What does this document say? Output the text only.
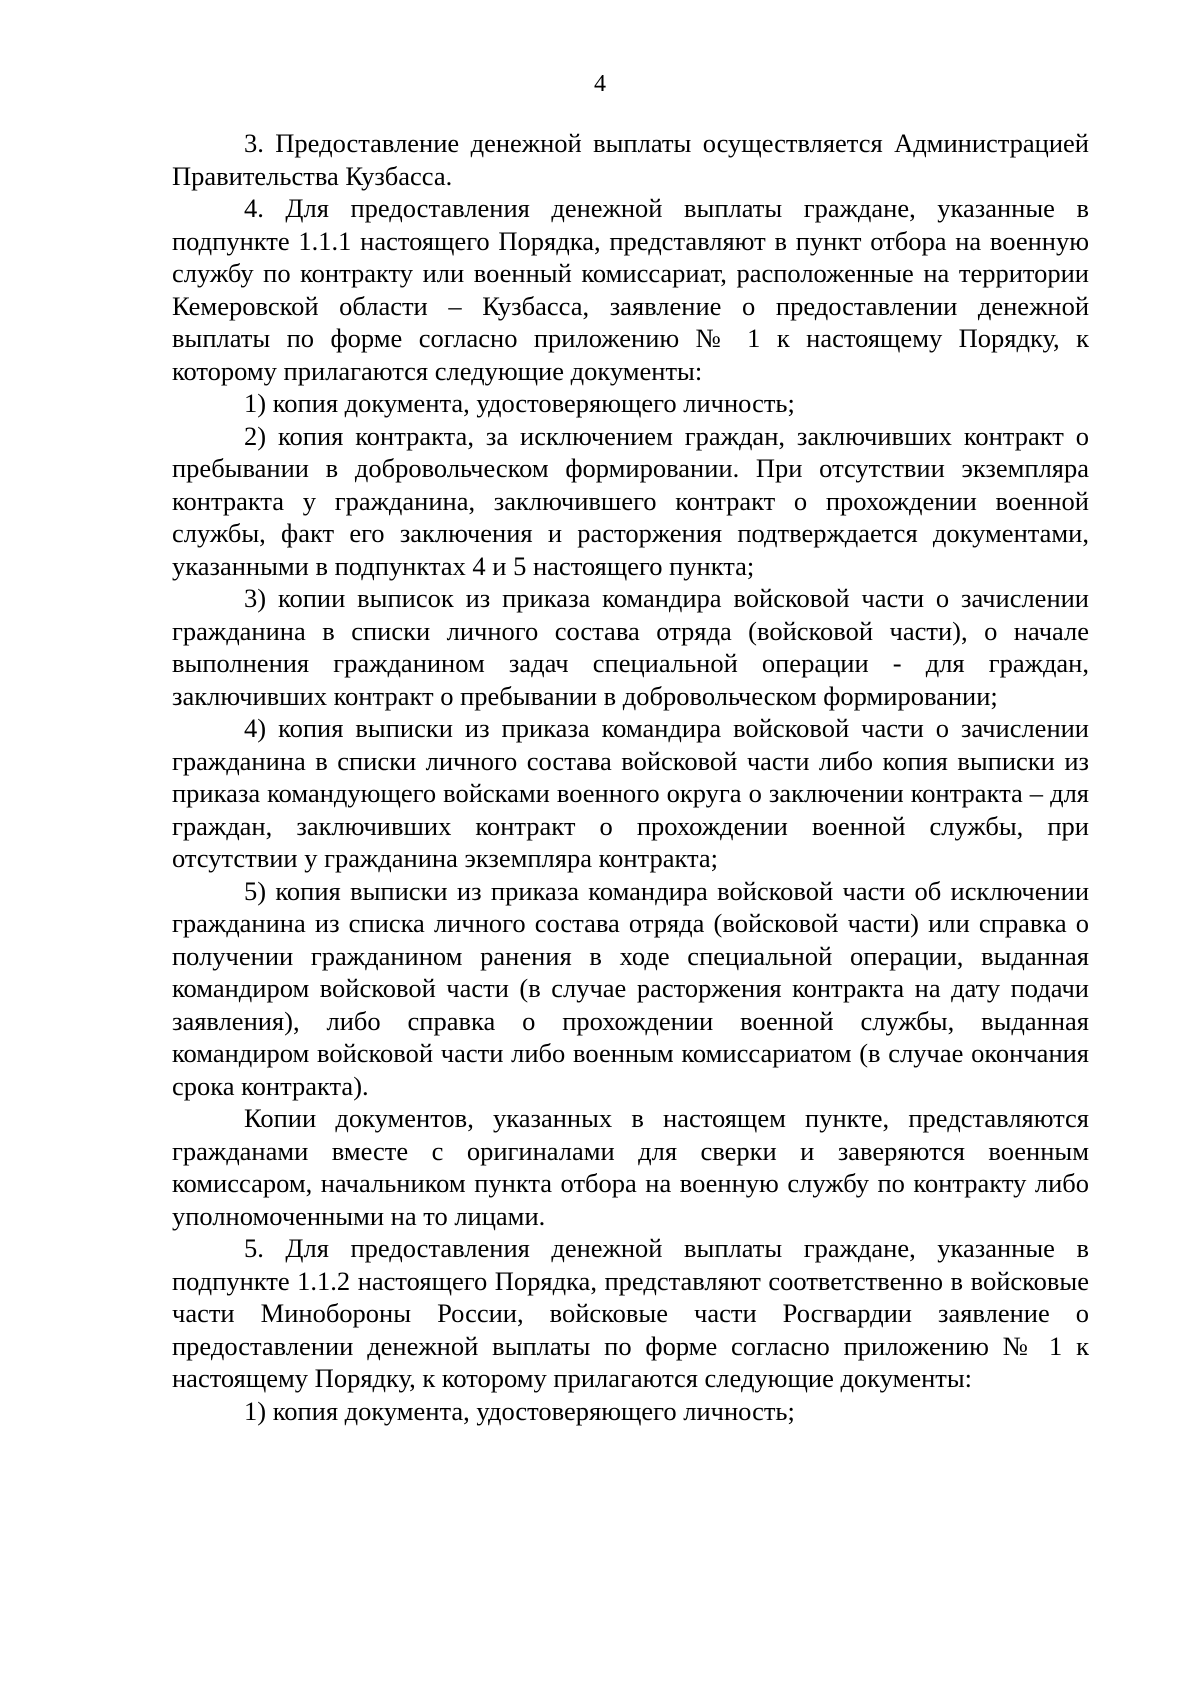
4

3. Предоставление денежной выплаты осуществляется Администрацией Правительства Кузбасса.

4. Для предоставления денежной выплаты граждане, указанные в подпункте 1.1.1 настоящего Порядка, представляют в пункт отбора на военную службу по контракту или военный комиссариат, расположенные на территории Кемеровской области – Кузбасса, заявление о предоставлении денежной выплаты по форме согласно приложению № 1 к настоящему Порядку, к которому прилагаются следующие документы:

1) копия документа, удостоверяющего личность;

2) копия контракта, за исключением граждан, заключивших контракт о пребывании в добровольческом формировании. При отсутствии экземпляра контракта у гражданина, заключившего контракт о прохождении военной службы, факт его заключения и расторжения подтверждается документами, указанными в подпунктах 4 и 5 настоящего пункта;

3) копии выписок из приказа командира войсковой части о зачислении гражданина в списки личного состава отряда (войсковой части), о начале выполнения гражданином задач специальной операции - для граждан, заключивших контракт о пребывании в добровольческом формировании;

4) копия выписки из приказа командира войсковой части о зачислении гражданина в списки личного состава войсковой части либо копия выписки из приказа командующего войсками военного округа о заключении контракта – для граждан, заключивших контракт о прохождении военной службы, при отсутствии у гражданина экземпляра контракта;

5) копия выписки из приказа командира войсковой части об исключении гражданина из списка личного состава отряда (войсковой части) или справка о получении гражданином ранения в ходе специальной операции, выданная командиром войсковой части (в случае расторжения контракта на дату подачи заявления), либо справка о прохождении военной службы, выданная командиром войсковой части либо военным комиссариатом (в случае окончания срока контракта).

Копии документов, указанных в настоящем пункте, представляются гражданами вместе с оригиналами для сверки и заверяются военным комиссаром, начальником пункта отбора на военную службу по контракту либо уполномоченными на то лицами.

5. Для предоставления денежной выплаты граждане, указанные в подпункте 1.1.2 настоящего Порядка, представляют соответственно в войсковые части Минобороны России, войсковые части Росгвардии заявление о предоставлении денежной выплаты по форме согласно приложению № 1 к настоящему Порядку, к которому прилагаются следующие документы:

1) копия документа, удостоверяющего личность;
